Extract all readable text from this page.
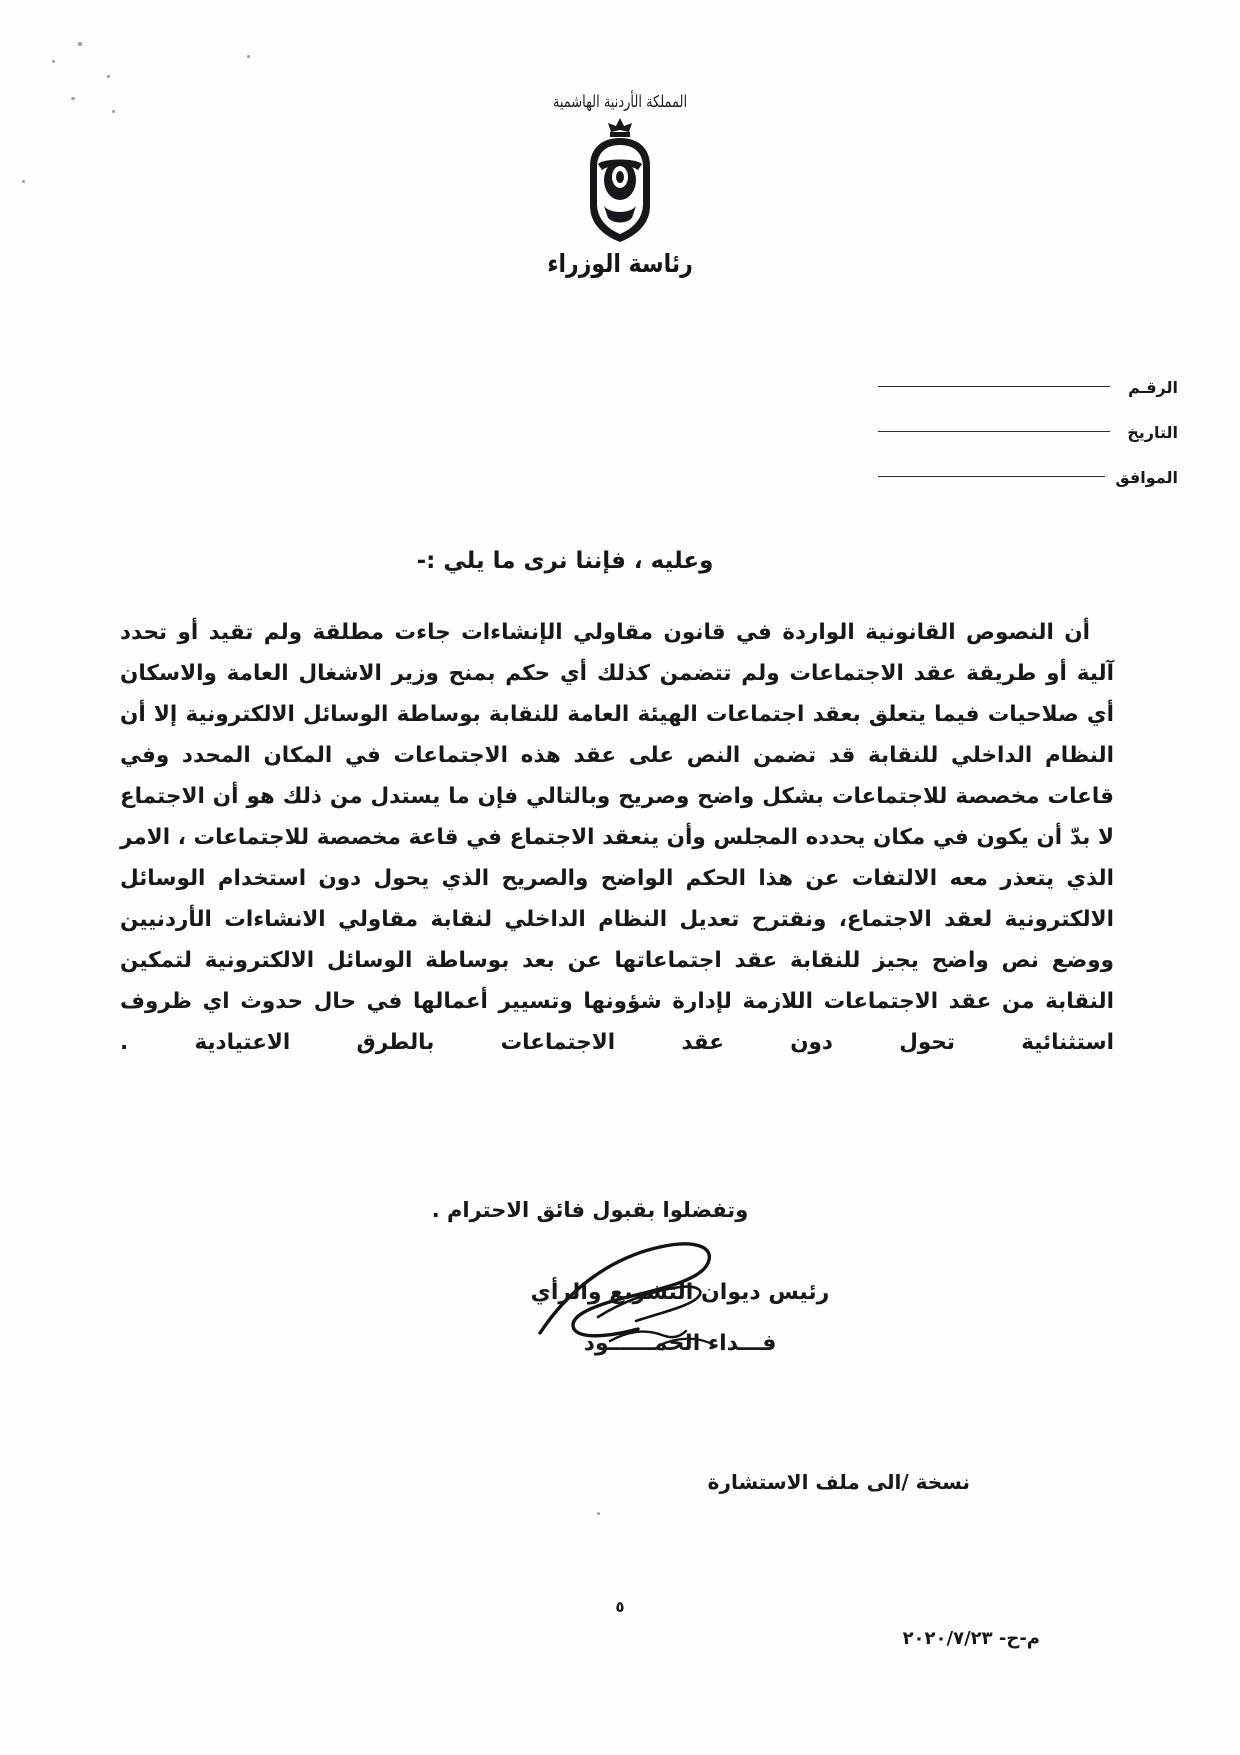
المملكة الأردنية الهاشمية
رئاسة الوزراء
الرقـم
التاريخ
الموافق
وعليه ، فإننا نرى ما يلي :-

أن النصوص القانونية الواردة في قانون مقاولي الإنشاءات جاءت مطلقة ولم تقيد أو تحدد آلية أو طريقة عقد الاجتماعات ولم تتضمن كذلك أي حكم بمنح وزير الاشغال العامة والاسكان أي صلاحيات فيما يتعلق بعقد اجتماعات الهيئة العامة للنقابة بوساطة الوسائل الالكترونية إلا أن النظام الداخلي للنقابة قد تضمن النص على عقد هذه الاجتماعات في المكان المحدد وفي قاعات مخصصة للاجتماعات بشكل واضح وصريح وبالتالي فإن ما يستدل من ذلك هو أن الاجتماع لا بدّ أن يكون في مكان يحدده المجلس وأن ينعقد الاجتماع في قاعة مخصصة للاجتماعات ، الامر الذي يتعذر معه الالتفات عن هذا الحكم الواضح والصريح الذي يحول دون استخدام الوسائل الالكترونية لعقد الاجتماع، ونقترح تعديل النظام الداخلي لنقابة مقاولي الانشاءات الأردنيين ووضع نص واضح يجيز للنقابة عقد اجتماعاتها عن بعد بوساطة الوسائل الالكترونية لتمكين النقابة من عقد الاجتماعات اللازمة لإدارة شؤونها وتسيير أعمالها في حال حدوث اي ظروف استثنائية تحول دون عقد الاجتماعات بالطرق الاعتيادية .

وتفضلوا بقبول فائق الاحترام .
رئيس ديوان التشريع والرأي
فـــداء الحمــــــود
نسخة /الى ملف الاستشارة
٥
م-ح- ٢٠٢٠/٧/٢٣
